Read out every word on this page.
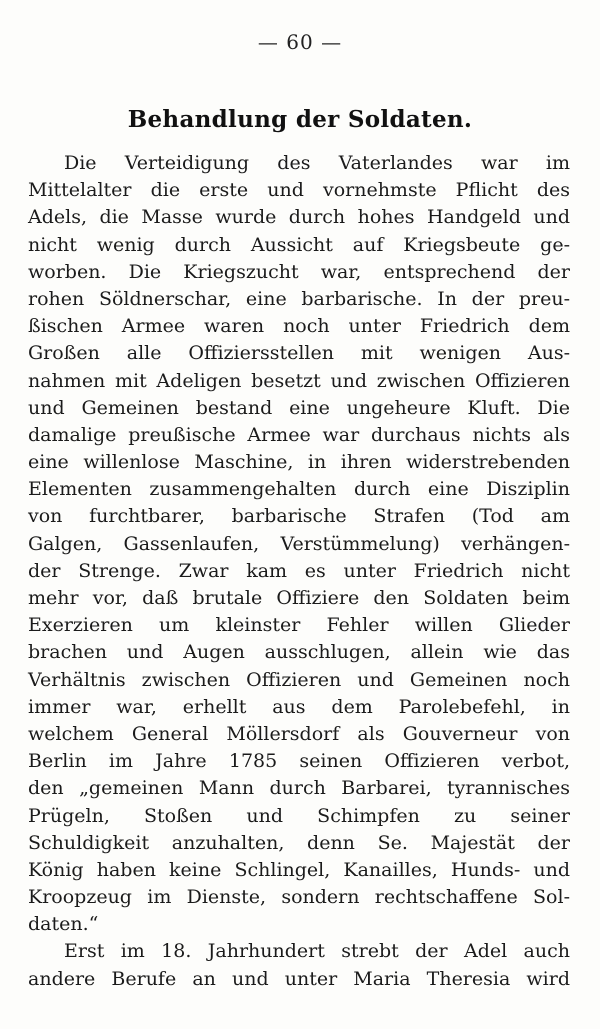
— 60 —
Behandlung der Soldaten.
Die Verteidigung des Vaterlandes war im
Mittelalter die erste und vornehmste Pflicht des
Adels, die Masse wurde durch hohes Handgeld und
nicht wenig durch Aussicht auf Kriegsbeute ge-
worben. Die Kriegszucht war, entsprechend der
rohen Söldnerschar, eine barbarische. In der preu-
ßischen Armee waren noch unter Friedrich dem
Großen alle Offiziersstellen mit wenigen Aus-
nahmen mit Adeligen besetzt und zwischen Offizieren
und Gemeinen bestand eine ungeheure Kluft. Die
damalige preußische Armee war durchaus nichts als
eine willenlose Maschine, in ihren widerstrebenden
Elementen zusammengehalten durch eine Disziplin
von furchtbarer, barbarische Strafen (Tod am
Galgen, Gassenlaufen, Verstümmelung) verhängen-
der Strenge. Zwar kam es unter Friedrich nicht
mehr vor, daß brutale Offiziere den Soldaten beim
Exerzieren um kleinster Fehler willen Glieder
brachen und Augen ausschlugen, allein wie das
Verhältnis zwischen Offizieren und Gemeinen noch
immer war, erhellt aus dem Parolebefehl, in
welchem General Möllersdorf als Gouverneur von
Berlin im Jahre 1785 seinen Offizieren verbot,
den „gemeinen Mann durch Barbarei, tyrannisches
Prügeln, Stoßen und Schimpfen zu seiner
Schuldigkeit anzuhalten, denn Se. Majestät der
König haben keine Schlingel, Kanailles, Hunds- und
Kroopzeug im Dienste, sondern rechtschaffene Sol-
daten.“
Erst im 18. Jahrhundert strebt der Adel auch
andere Berufe an und unter Maria Theresia wird
